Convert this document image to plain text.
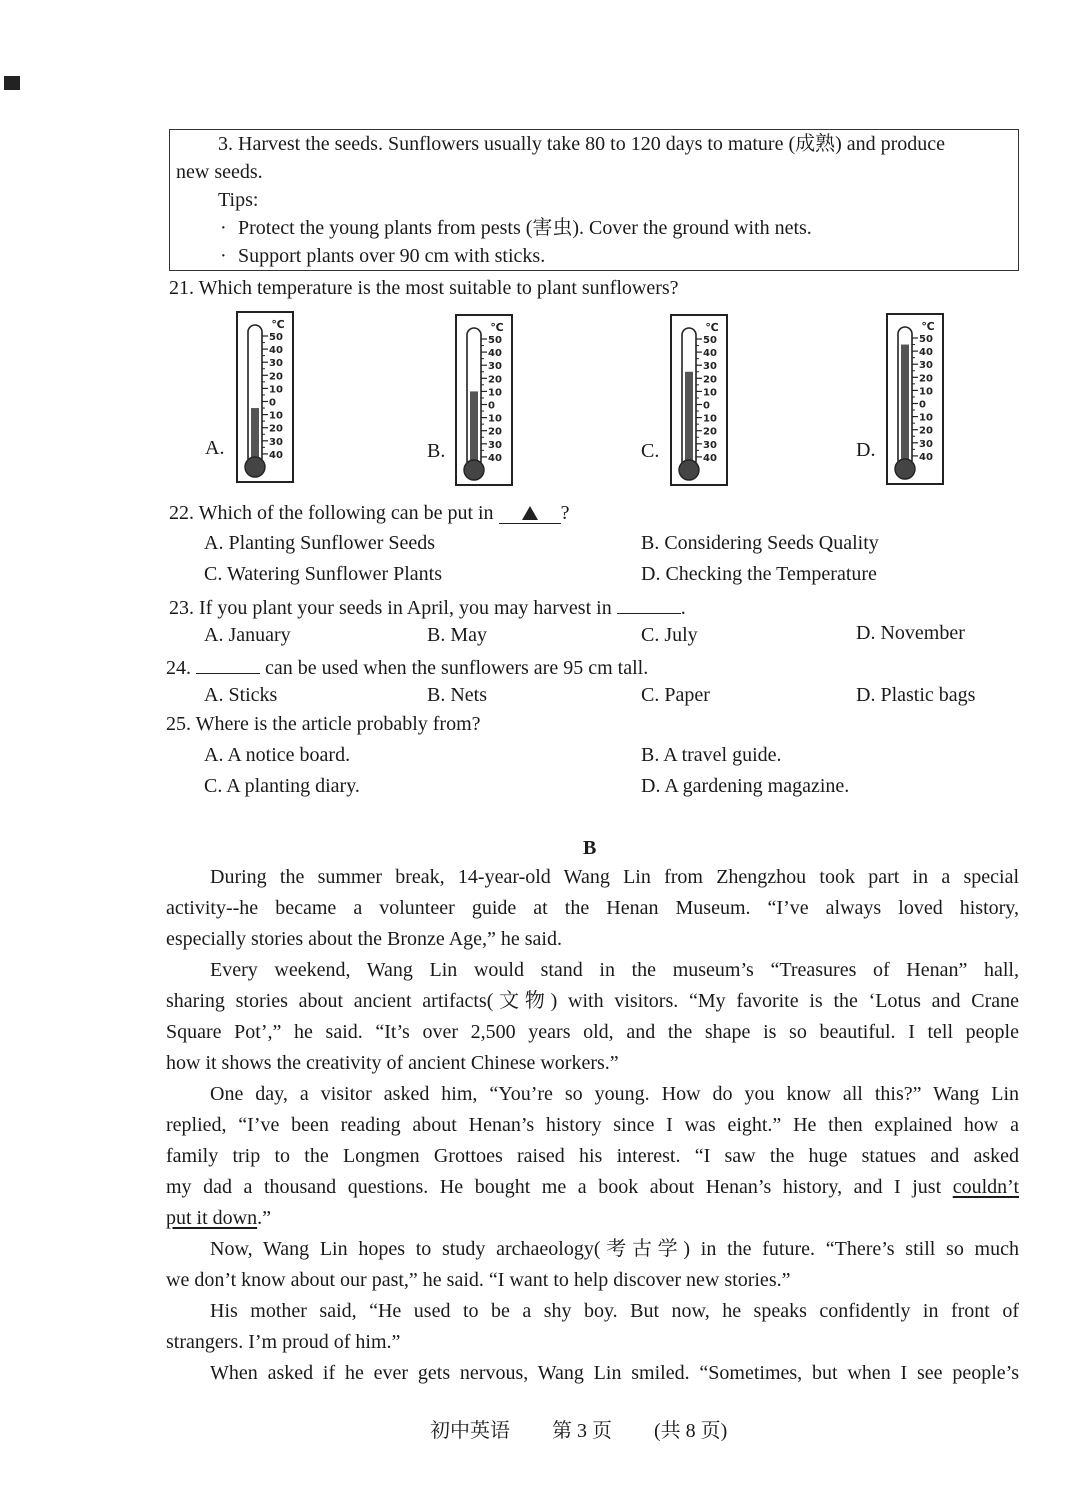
3. Harvest the seeds. Sunflowers usually take 80 to 120 days to mature (成熟) and produce
new seeds.
Tips:
· Protect the young plants from pests (害虫). Cover the ground with nets.
· Support plants over 90 cm with sticks.
21. Which temperature is the most suitable to plant sunflowers?
A.
℃
50
40
30
20
10
0
10
20
30
40	B.
℃
50
40
30
20
10
0
10
20
30
40	C.
℃
50
40
30
20
10
0
10
20
30
40	D.
℃
50
40
30
20
10
0
10
20
30
40
22. Which of the following can be put in	?
A. Planting Sunflower Seeds	B. Considering Seeds Quality
C. Watering Sunflower Plants	D. Checking the Temperature
23. If you plant your seeds in April, you may harvest in	.
A. January	B. May	C. July	D. November
24.	can be used when the sunflowers are 95 cm tall.
A. Sticks	B. Nets	C. Paper	D. Plastic bags
25. Where is the article probably from?
A. A notice board.	B. A travel guide.
C. A planting diary.	D. A gardening magazine.
B
During the summer break, 14-year-old Wang Lin from Zhengzhou took part in a special
activity--he became a volunteer guide at the Henan Museum. “I’ve always loved history,
especially stories about the Bronze Age,” he said.
Every weekend, Wang Lin would stand in the museum’s “Treasures of Henan” hall,
sharing stories about ancient artifacts(文物) with visitors. “My favorite is the ‘Lotus and Crane
Square Pot’,” he said. “It’s over 2,500 years old, and the shape is so beautiful. I tell people
how it shows the creativity of ancient Chinese workers.”
One day, a visitor asked him, “You’re so young. How do you know all this?” Wang Lin
replied, “I’ve been reading about Henan’s history since I was eight.” He then explained how a
family trip to the Longmen Grottoes raised his interest. “I saw the huge statues and asked
my dad a thousand questions. He bought me a book about Henan’s history, and I just couldn’t
put it down.”
Now, Wang Lin hopes to study archaeology(考古学) in the future. “There’s still so much
we don’t know about our past,” he said. “I want to help discover new stories.”
His mother said, “He used to be a shy boy. But now, he speaks confidently in front of
strangers. I’m proud of him.”
When asked if he ever gets nervous, Wang Lin smiled. “Sometimes, but when I see people’s
初中英语 第 3 页 (共 8 页)
